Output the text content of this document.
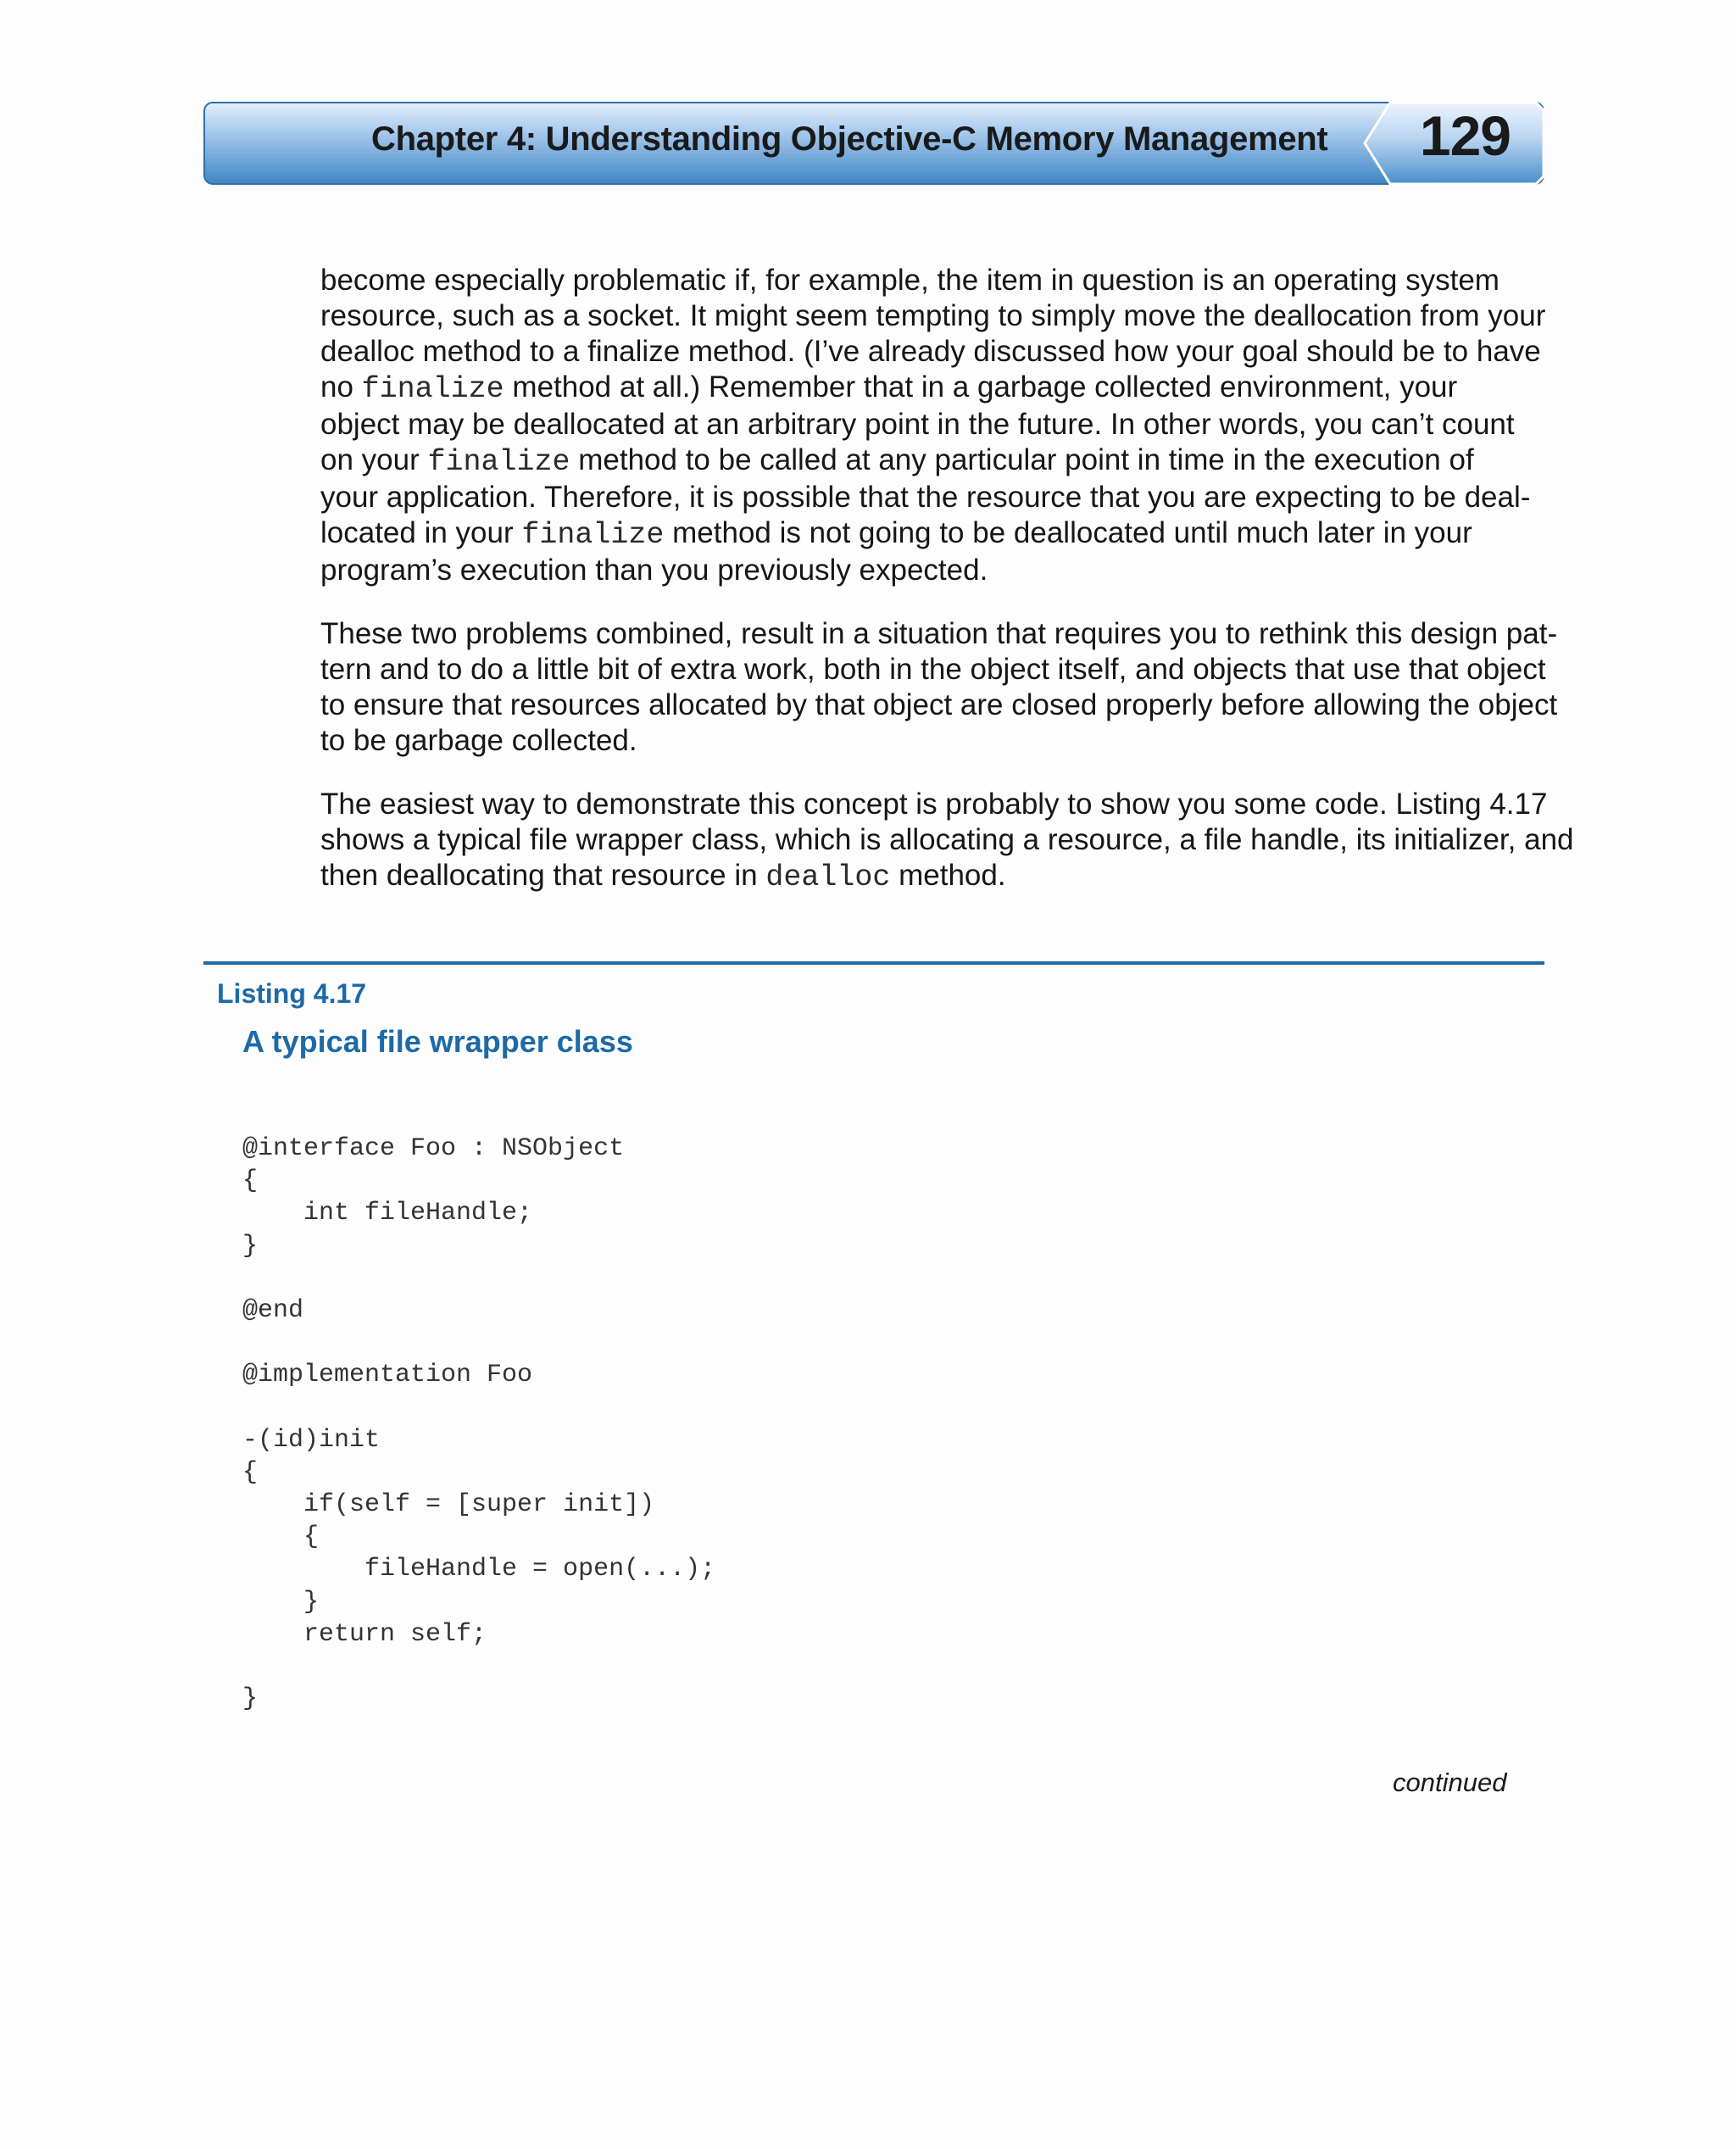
Chapter 4: Understanding Objective-C Memory Management 129

become especially problematic if, for example, the item in question is an operating system
resource, such as a socket. It might seem tempting to simply move the deallocation from your
dealloc method to a finalize method. (I’ve already discussed how your goal should be to have
no finalize method at all.) Remember that in a garbage collected environment, your
object may be deallocated at an arbitrary point in the future. In other words, you can’t count
on your finalize method to be called at any particular point in time in the execution of
your application. Therefore, it is possible that the resource that you are expecting to be deal-
located in your finalize method is not going to be deallocated until much later in your
program’s execution than you previously expected.

These two problems combined, result in a situation that requires you to rethink this design pat-
tern and to do a little bit of extra work, both in the object itself, and objects that use that object
to ensure that resources allocated by that object are closed properly before allowing the object
to be garbage collected.

The easiest way to demonstrate this concept is probably to show you some code. Listing 4.17
shows a typical file wrapper class, which is allocating a resource, a file handle, its initializer, and
then deallocating that resource in dealloc method.

Listing 4.17
A typical file wrapper class
@interface Foo : NSObject
{
int fileHandle;
}
@end
@implementation Foo
-(id)init
{
if(self = [super init])
{
fileHandle = open(...);
}
return self;
}
continued
